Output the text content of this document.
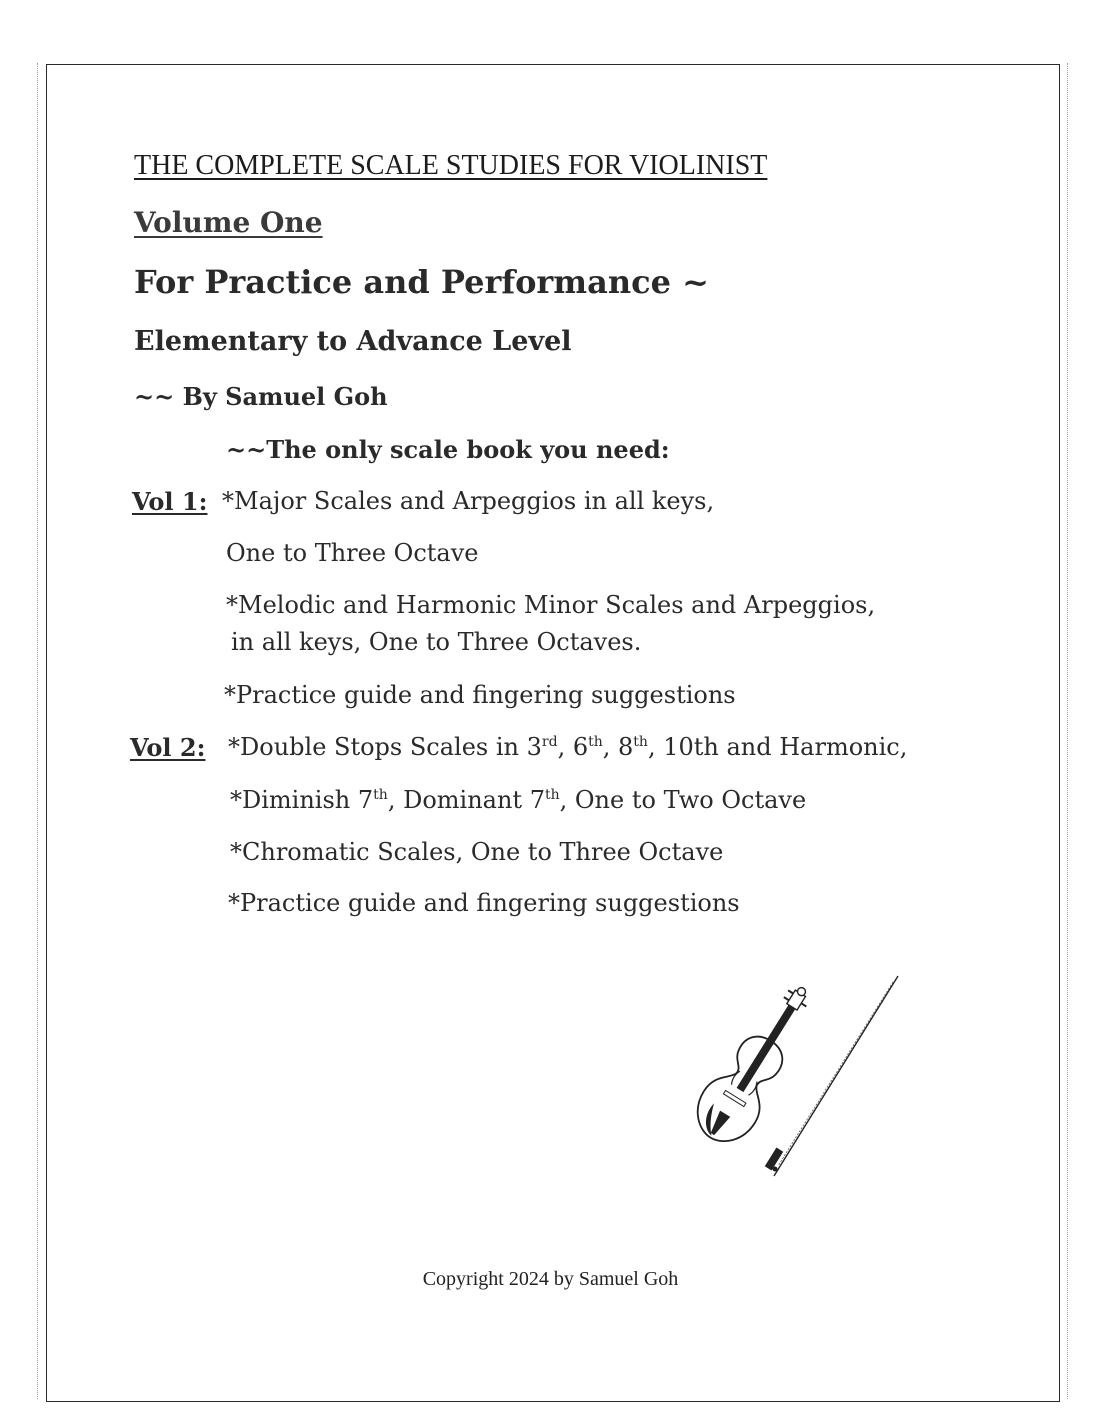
THE COMPLETE SCALE STUDIES FOR VIOLINIST
Volume One
For Practice and Performance ~
Elementary to Advance Level
~~ By Samuel Goh
~~The only scale book you need:
Vol 1: *Major Scales and Arpeggios in all keys,
One to Three Octave
*Melodic and Harmonic Minor Scales and Arpeggios,
in all keys, One to Three Octaves.
*Practice guide and fingering suggestions
Vol 2: *Double Stops Scales in 3rd, 6th, 8th, 10th and Harmonic,
*Diminish 7th, Dominant 7th, One to Two Octave
*Chromatic Scales, One to Three Octave
*Practice guide and fingering suggestions
Copyright 2024 by Samuel Goh
